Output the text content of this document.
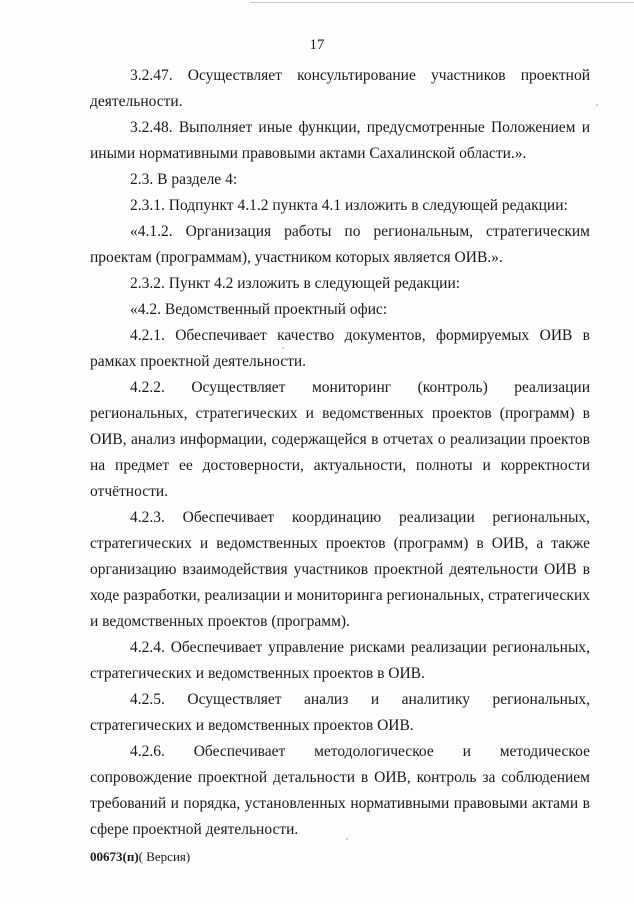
17

3.2.47. Осуществляет консультирование участников проектной деятельности.

3.2.48. Выполняет иные функции, предусмотренные Положением и иными нормативными правовыми актами Сахалинской области.».

2.3. В разделе 4:

2.3.1. Подпункт 4.1.2 пункта 4.1 изложить в следующей редакции:

«4.1.2. Организация работы по региональным, стратегическим проектам (программам), участником которых является ОИВ.».

2.3.2. Пункт 4.2 изложить в следующей редакции:

«4.2. Ведомственный проектный офис:

4.2.1. Обеспечивает качество документов, формируемых ОИВ в рамках проектной деятельности.

4.2.2. Осуществляет мониторинг (контроль) реализации региональных, стратегических и ведомственных проектов (программ) в ОИВ, анализ информации, содержащейся в отчетах о реализации проектов на предмет ее достоверности, актуальности, полноты и корректности отчётности.

4.2.3. Обеспечивает координацию реализации региональных, стратегических и ведомственных проектов (программ) в ОИВ, а также организацию взаимодействия участников проектной деятельности ОИВ в ходе разработки, реализации и мониторинга региональных, стратегических и ведомственных проектов (программ).

4.2.4. Обеспечивает управление рисками реализации региональных, стратегических и ведомственных проектов в ОИВ.

4.2.5. Осуществляет анализ и аналитику региональных, стратегических и ведомственных проектов ОИВ.

4.2.6. Обеспечивает методологическое и методическое сопровождение проектной детальности в ОИВ, контроль за соблюдением требований и порядка, установленных нормативными правовыми актами в сфере проектной деятельности.

00673(п)( Версия)
